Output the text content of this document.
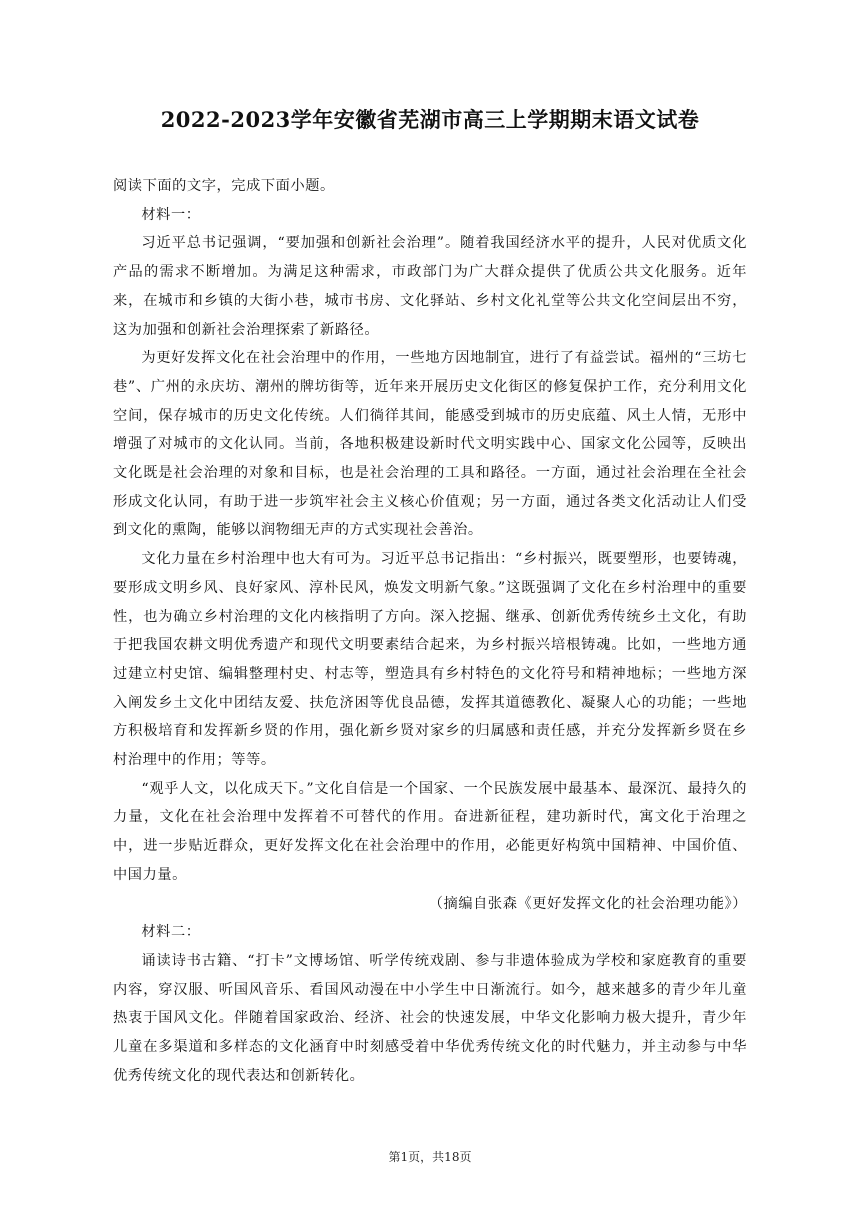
2022-2023学年安徽省芜湖市高三上学期期末语文试卷

阅读下面的文字，完成下面小题。

材料一：

习近平总书记强调，“要加强和创新社会治理”。随着我国经济水平的提升，人民对优质文化产品的需求不断增加。为满足这种需求，市政部门为广大群众提供了优质公共文化服务。近年来，在城市和乡镇的大街小巷，城市书房、文化驿站、乡村文化礼堂等公共文化空间层出不穷，这为加强和创新社会治理探索了新路径。

为更好发挥文化在社会治理中的作用，一些地方因地制宜，进行了有益尝试。福州的“三坊七巷”、广州的永庆坊、潮州的牌坊街等，近年来开展历史文化街区的修复保护工作，充分利用文化空间，保存城市的历史文化传统。人们徜徉其间，能感受到城市的历史底蕴、风土人情，无形中增强了对城市的文化认同。当前，各地积极建设新时代文明实践中心、国家文化公园等，反映出文化既是社会治理的对象和目标，也是社会治理的工具和路径。一方面，通过社会治理在全社会形成文化认同，有助于进一步筑牢社会主义核心价值观；另一方面，通过各类文化活动让人们受到文化的熏陶，能够以润物细无声的方式实现社会善治。

文化力量在乡村治理中也大有可为。习近平总书记指出：“乡村振兴，既要塑形，也要铸魂，要形成文明乡风、良好家风、淳朴民风，焕发文明新气象。”这既强调了文化在乡村治理中的重要性，也为确立乡村治理的文化内核指明了方向。深入挖掘、继承、创新优秀传统乡土文化，有助于把我国农耕文明优秀遗产和现代文明要素结合起来，为乡村振兴培根铸魂。比如，一些地方通过建立村史馆、编辑整理村史、村志等，塑造具有乡村特色的文化符号和精神地标；一些地方深入阐发乡土文化中团结友爱、扶危济困等优良品德，发挥其道德教化、凝聚人心的功能；一些地方积极培育和发挥新乡贤的作用，强化新乡贤对家乡的归属感和责任感，并充分发挥新乡贤在乡村治理中的作用；等等。

“观乎人文，以化成天下。”文化自信是一个国家、一个民族发展中最基本、最深沉、最持久的力量，文化在社会治理中发挥着不可替代的作用。奋进新征程，建功新时代，寓文化于治理之中，进一步贴近群众，更好发挥文化在社会治理中的作用，必能更好构筑中国精神、中国价值、中国力量。

（摘编自张森《更好发挥文化的社会治理功能》）

材料二：

诵读诗书古籍、“打卡”文博场馆、听学传统戏剧、参与非遗体验成为学校和家庭教育的重要内容，穿汉服、听国风音乐、看国风动漫在中小学生中日渐流行。如今，越来越多的青少年儿童热衷于国风文化。伴随着国家政治、经济、社会的快速发展，中华文化影响力极大提升，青少年儿童在多渠道和多样态的文化涵育中时刻感受着中华优秀传统文化的时代魅力，并主动参与中华优秀传统文化的现代表达和创新转化。

第1页，共18页
